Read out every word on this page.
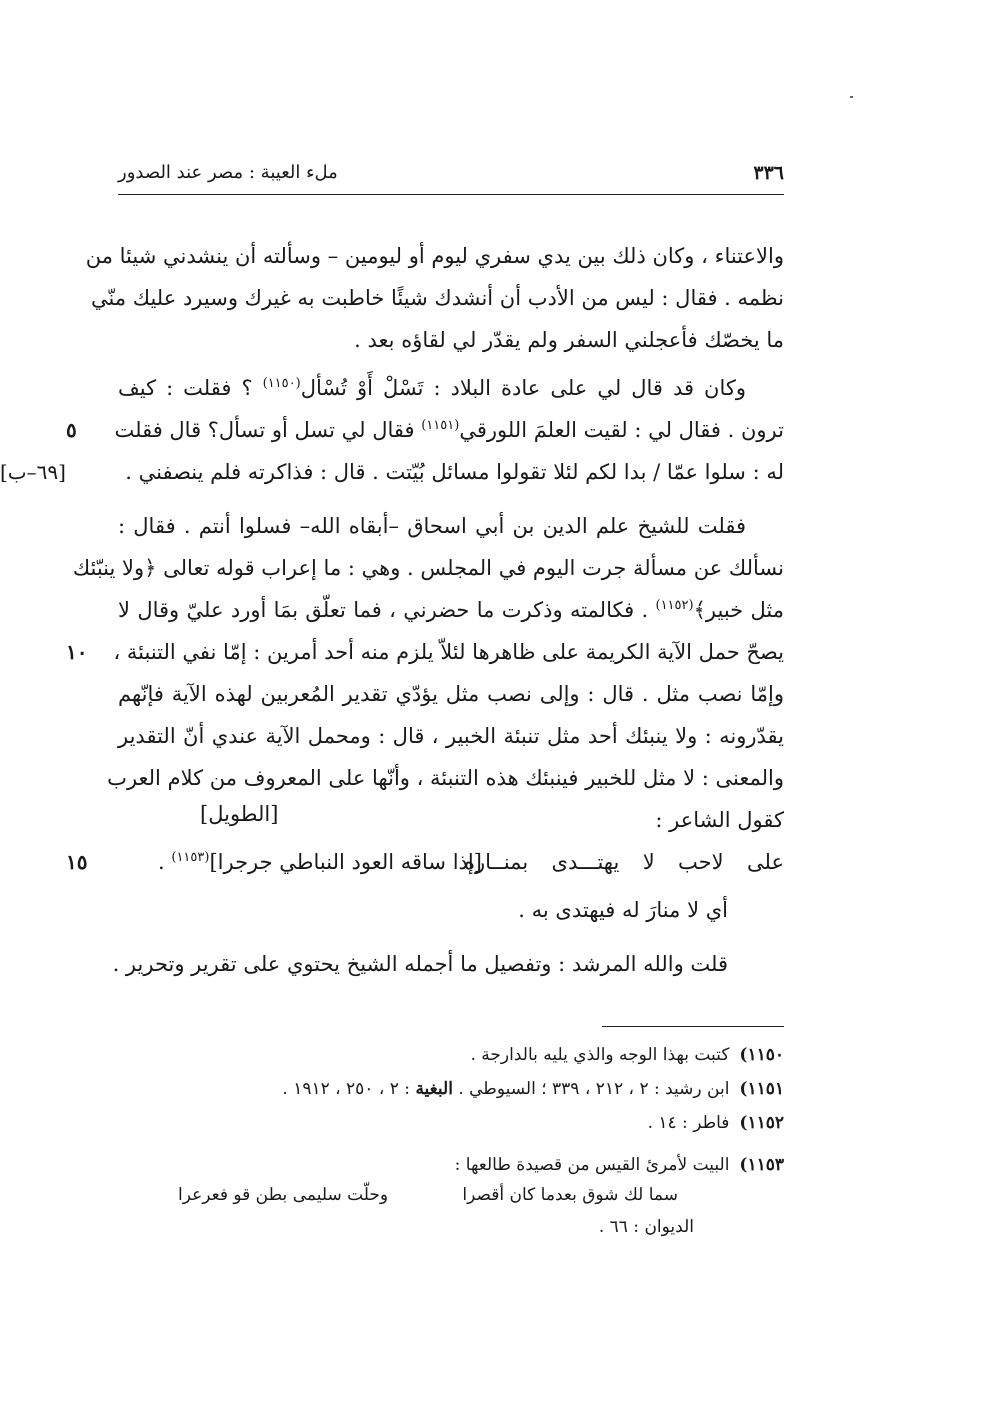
٣٣٦
ملء العيبة : مصر عند الصدور
والاعتناء ، وكان ذلك بين يدي سفري ليوم أو ليومين – وسألته أن ينشدني شيئا من
نظمه . فقال : ليس من الأدب أن أنشدك شيئًا خاطبت به غيرك وسيرد عليك منّي
ما يخصّك فأعجلني السفر ولم يقدّر لي لقاؤه بعد .
وكان قد قال لي على عادة البلاد : تَسْلْ أَوْ تُسْأل$^{(١١٥٠)}$ ؟ فقلت : كيف
ترون . فقال لي : لقيت العلمَ اللورقي$^{(١١٥١)}$ فقال لي تسل أو تسأل؟ قال فقلت
٥
له : سلوا عمّا / بدا لكم لئلا تقولوا مسائل بُيّتت . قال : فذاكرته فلم ينصفني .
[٦٩–ب]
فقلت للشيخ علم الدين بن أبي اسحاق –أبقاه الله– فسلوا أنتم . فقال :
نسألك عن مسألة جرت اليوم في المجلس . وهي : ما إعراب قوله تعالى ﴿ولا ينبّئك
مثل خبير﴾$^{(١١٥٢)}$ . فكالمته وذكرت ما حضرني ، فما تعلّق بمَا أورد عليّ وقال لا
يصحّ حمل الآية الكريمة على ظاهرها لئلاّ يلزم منه أحد أمرين : إمّا نفي التنبئة ،
١٠
وإمّا نصب مثل . قال : وإلى نصب مثل يؤدّي تقدير المُعربين لهذه الآية فإنّهم
يقدّرونه : ولا ينبئك أحد مثل تنبئة الخبير ، قال : ومحمل الآية عندي أنّ التقدير
والمعنى : لا مثل للخبير فينبئك هذه التنبئة ، وأنّها على المعروف من كلام العرب
كقول الشاعر :
[الطويل]
على لاحب لا يهتـــدى بمنــاره
[إذا ساقه العود النباطي جرجرا]$^{(١١٥٣)}$ .
١٥
أي لا منارَ له فيهتدى به .
قلت والله المرشد : وتفصيل ما أجمله الشيخ يحتوي على تقرير وتحرير .
١١٥٠)كتبت بهذا الوجه والذي يليه بالدارجة .
١١٥١)ابن رشيد : ٢ ، ٢١٢ ، ٣٣٩ ؛ السيوطي . البغية : ٢ ، ٢٥٠ ، ١٩١٢ .
١١٥٢)فاطر : ١٤ .
١١٥٣)البيت لأمرئ القيس من قصيدة طالعها :
سما لك شوق بعدما كان أقصرا
وحلّت سليمى بطن قو فعرعرا
الديوان : ٦٦ .
